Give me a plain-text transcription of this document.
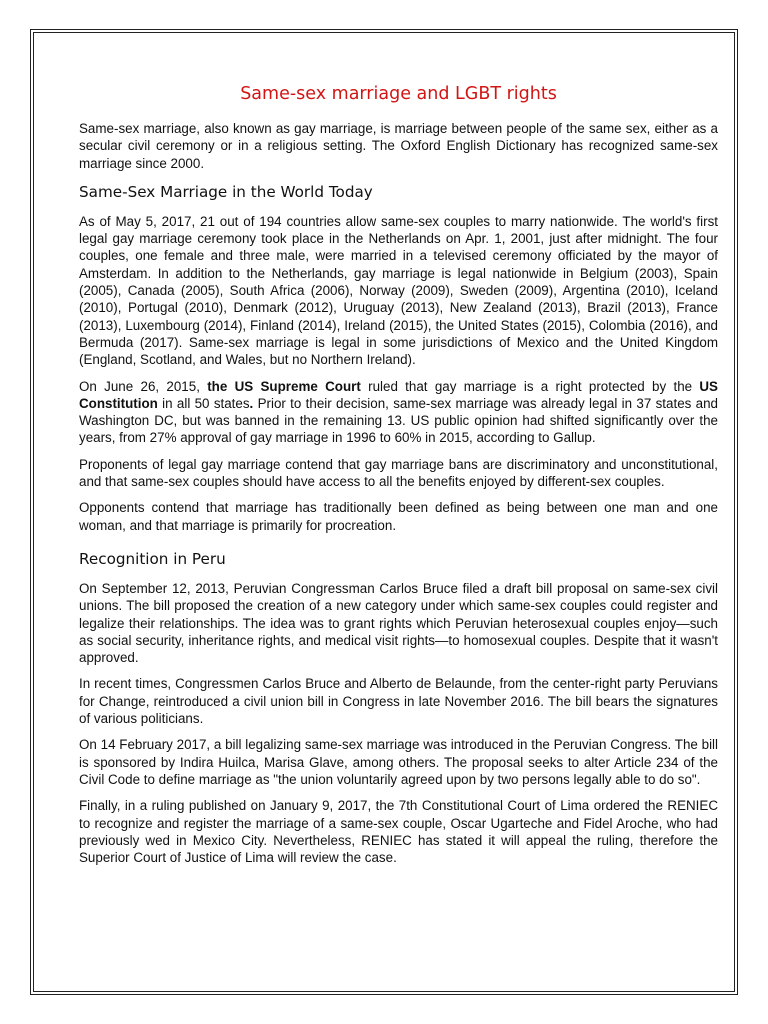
Same-sex marriage and LGBT rights

Same-sex marriage, also known as gay marriage, is marriage between people of the same sex, either as a secular civil ceremony or in a religious setting. The Oxford English Dictionary has recognized same-sex marriage since 2000.

Same-Sex Marriage in the World Today

As of May 5, 2017, 21 out of 194 countries allow same-sex couples to marry nationwide. The world's first legal gay marriage ceremony took place in the Netherlands on Apr. 1, 2001, just after midnight. The four couples, one female and three male, were married in a televised ceremony officiated by the mayor of Amsterdam. In addition to the Netherlands, gay marriage is legal nationwide in Belgium (2003), Spain (2005), Canada (2005), South Africa (2006), Norway (2009), Sweden (2009), Argentina (2010), Iceland (2010), Portugal (2010), Denmark (2012), Uruguay (2013), New Zealand (2013), Brazil (2013), France (2013), Luxembourg (2014), Finland (2014), Ireland (2015), the United States (2015), Colombia (2016), and Bermuda (2017). Same-sex marriage is legal in some jurisdictions of Mexico and the United Kingdom (England, Scotland, and Wales, but no Northern Ireland).

On June 26, 2015, the US Supreme Court ruled that gay marriage is a right protected by the US Constitution in all 50 states. Prior to their decision, same-sex marriage was already legal in 37 states and Washington DC, but was banned in the remaining 13. US public opinion had shifted significantly over the years, from 27% approval of gay marriage in 1996 to 60% in 2015, according to Gallup.

Proponents of legal gay marriage contend that gay marriage bans are discriminatory and unconstitutional, and that same-sex couples should have access to all the benefits enjoyed by different-sex couples.

Opponents contend that marriage has traditionally been defined as being between one man and one woman, and that marriage is primarily for procreation.

Recognition in Peru

On September 12, 2013, Peruvian Congressman Carlos Bruce filed a draft bill proposal on same-sex civil unions. The bill proposed the creation of a new category under which same-sex couples could register and legalize their relationships. The idea was to grant rights which Peruvian heterosexual couples enjoy—such as social security, inheritance rights, and medical visit rights—to homosexual couples. Despite that it wasn't approved.

In recent times, Congressmen Carlos Bruce and Alberto de Belaunde, from the center-right party Peruvians for Change, reintroduced a civil union bill in Congress in late November 2016. The bill bears the signatures of various politicians.

On 14 February 2017, a bill legalizing same-sex marriage was introduced in the Peruvian Congress. The bill is sponsored by Indira Huilca, Marisa Glave, among others. The proposal seeks to alter Article 234 of the Civil Code to define marriage as "the union voluntarily agreed upon by two persons legally able to do so".

Finally, in a ruling published on January 9, 2017, the 7th Constitutional Court of Lima ordered the RENIEC to recognize and register the marriage of a same-sex couple, Oscar Ugarteche and Fidel Aroche, who had previously wed in Mexico City. Nevertheless, RENIEC has stated it will appeal the ruling, therefore the Superior Court of Justice of Lima will review the case.
